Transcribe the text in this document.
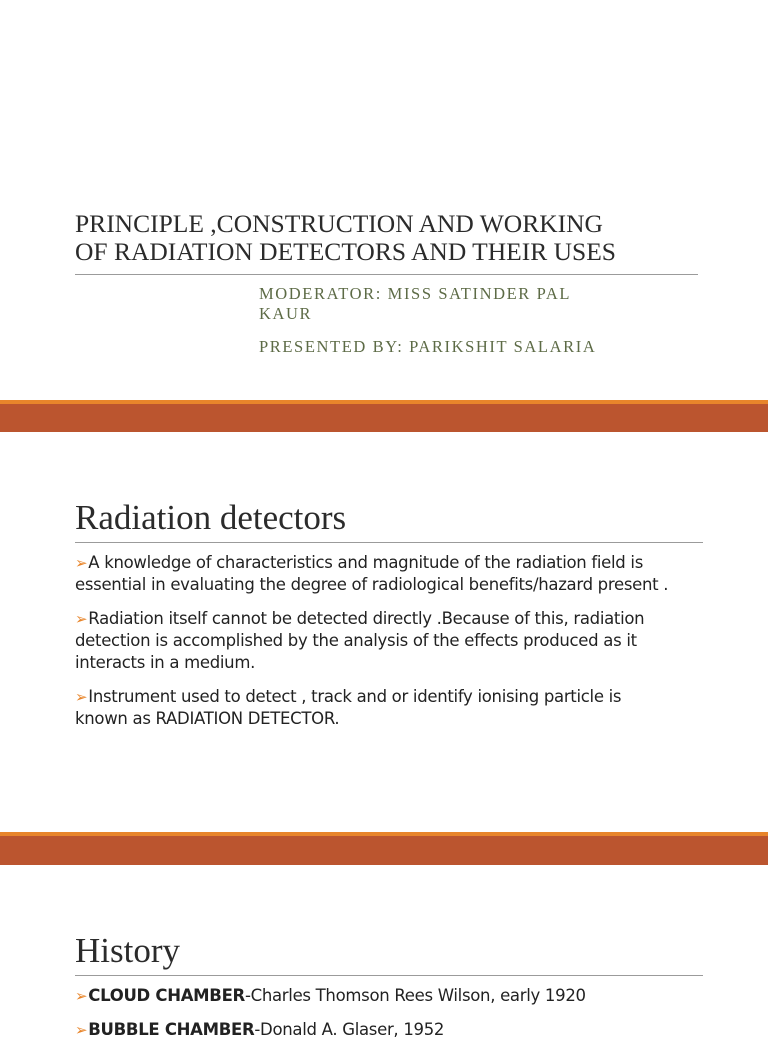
PRINCIPLE ,CONSTRUCTION AND WORKING
OF RADIATION DETECTORS AND THEIR USES

MODERATOR: MISS SATINDER PAL
KAUR

PRESENTED BY: PARIKSHIT SALARIA

Radiation detectors
➢A knowledge of characteristics and magnitude of the radiation field is
essential in evaluating the degree of radiological benefits/hazard present .
➢Radiation itself cannot be detected directly .Because of this, radiation
detection is accomplished by the analysis of the effects produced as it
interacts in a medium.
➢Instrument used to detect , track and or identify ionising particle is
known as RADIATION DETECTOR.
History
➢CLOUD CHAMBER-Charles Thomson Rees Wilson, early 1920
➢BUBBLE CHAMBER-Donald A. Glaser, 1952
